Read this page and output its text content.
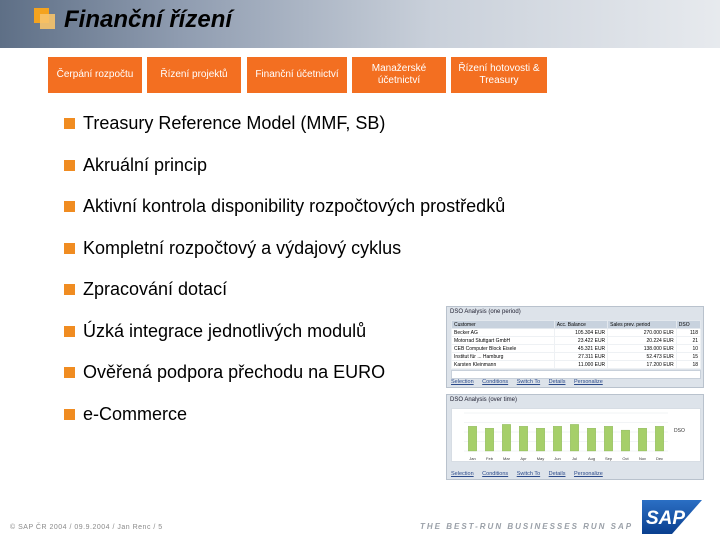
Finanční řízení
Čerpání rozpočtu	Řízení projektů	Finanční účetnictví
Manažerské účetnictví
Řízení hotovosti & Treasury
Treasury Reference Model (MMF, SB)
Akruální princip
Aktivní kontrola disponibility rozpočtových prostředků
Kompletní rozpočtový a výdajový cyklus
Zpracování dotací
Úzká integrace jednotlivých modulů
Ověřená podpora přechodu na EURO
e-Commerce
DSO Analysis (one period)
Customer	Acc. Balance	Sales prev. period	DSO
Becker AG	105.304 EUR	270.000 EUR	118
Motorrad Stuttgart GmbH	23.422 EUR	20.224 EUR	21
CEB Computer Block Eisele	45.321 EUR	138.000 EUR	10
Institut für ... Hamburg	27.311 EUR	52.473 EUR	15
Karsten Kleinmann	11.000 EUR	17.200 EUR	18
Selection Conditions Switch To Details Personalize
DSO Analysis (over time)
Jan	Feb	Mar	Apr	May Jun	Jul	Aug Sep	Oct	Nov Dec
DSO
Selection Conditions Switch To Details Personalize
© SAP ČR 2004 / 09.9.2004 / Jan Renc / 5	THE BEST-RUN BUSINESSES RUN SAP SAP
